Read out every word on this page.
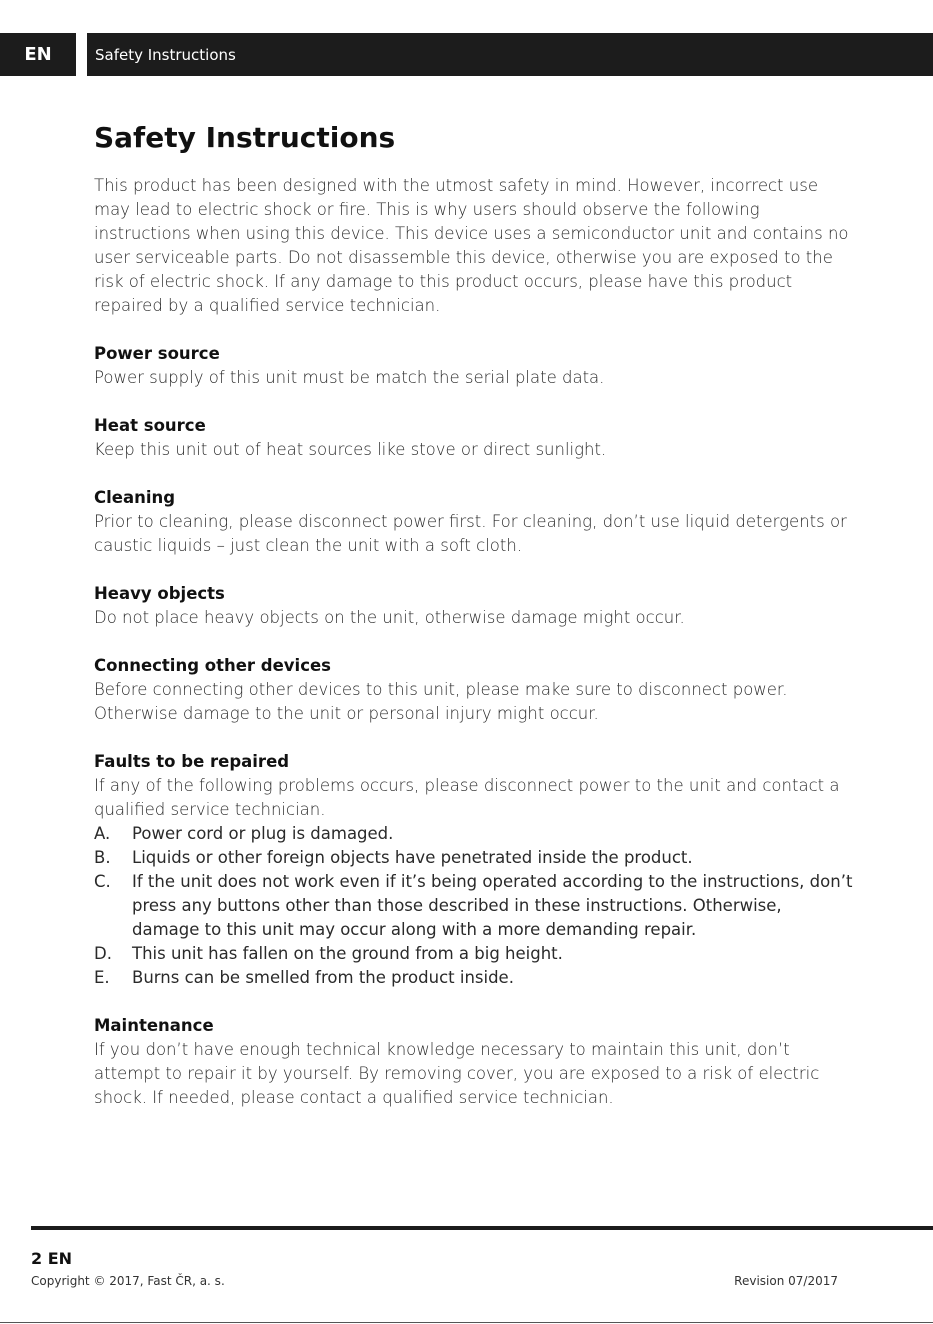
EN	Safety Instructions
Safety Instructions

This product has been designed with the utmost safety in mind. However, incorrect use may lead to electric shock or fire. This is why users should observe the following instructions when using this device. This device uses a semiconductor unit and contains no user serviceable parts. Do not disassemble this device, otherwise you are exposed to the risk of electric shock. If any damage to this product occurs, please have this product repaired by a qualified service technician.

Power source

Power supply of this unit must be match the serial plate data.

Heat source

Keep this unit out of heat sources like stove or direct sunlight.

Cleaning

Prior to cleaning, please disconnect power first. For cleaning, don’t use liquid detergents or caustic liquids – just clean the unit with a soft cloth.

Heavy objects

Do not place heavy objects on the unit, otherwise damage might occur.

Connecting other devices

Before connecting other devices to this unit, please make sure to disconnect power. Otherwise damage to the unit or personal injury might occur.

Faults to be repaired

If any of the following problems occurs, please disconnect power to the unit and contact a qualified service technician.

A.	Power cord or plug is damaged.
B.	Liquids or other foreign objects have penetrated inside the product.
C.	If the unit does not work even if it’s being operated according to the instructions, don’t press any buttons other than those described in these instructions. Otherwise, damage to this unit may occur along with a more demanding repair.
D.	This unit has fallen on the ground from a big height.
E.	Burns can be smelled from the product inside.

Maintenance

If you don’t have enough technical knowledge necessary to maintain this unit, don’t attempt to repair it by yourself. By removing cover, you are exposed to a risk of electric shock. If needed, please contact a qualified service technician.

2 EN
Copyright © 2017, Fast ČR, a. s.	Revision 07/2017
